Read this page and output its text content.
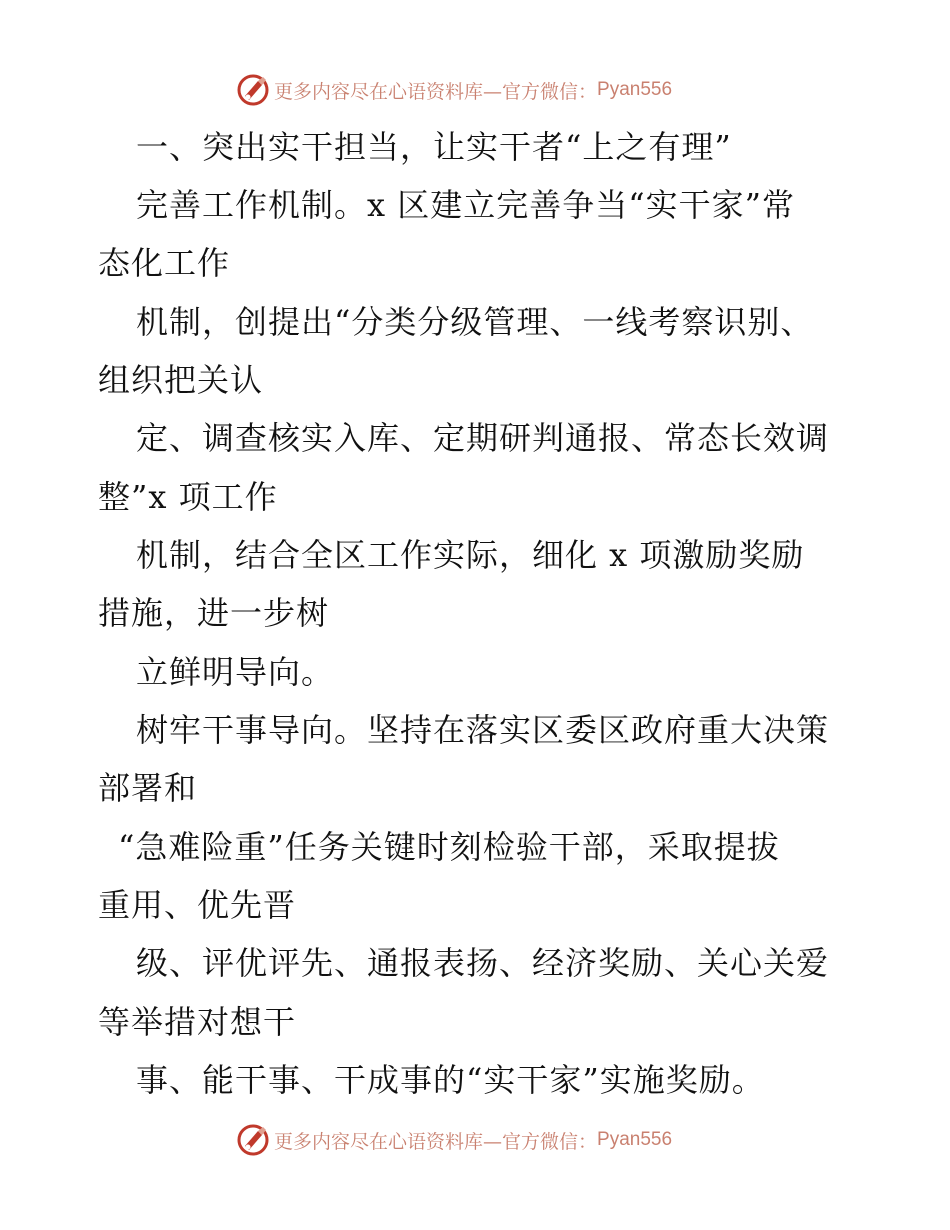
更多内容尽在心语资料库—官方微信： Pyan556
一、突出实干担当，让实干者“上之有理”
完善工作机制。x 区建立完善争当“实干家”常
态化工作
机制，创提出“分类分级管理、一线考察识别、
组织把关认
定、调查核实入库、定期研判通报、常态长效调
整”x 项工作
机制，结合全区工作实际，细化 x 项激励奖励
措施，进一步树
立鲜明导向。
树牢干事导向。坚持在落实区委区政府重大决策
部署和
“急难险重”任务关键时刻检验干部，采取提拔
重用、优先晋
级、评优评先、通报表扬、经济奖励、关心关爱
等举措对想干
事、能干事、干成事的“实干家”实施奖励。
更多内容尽在心语资料库—官方微信： Pyan556
